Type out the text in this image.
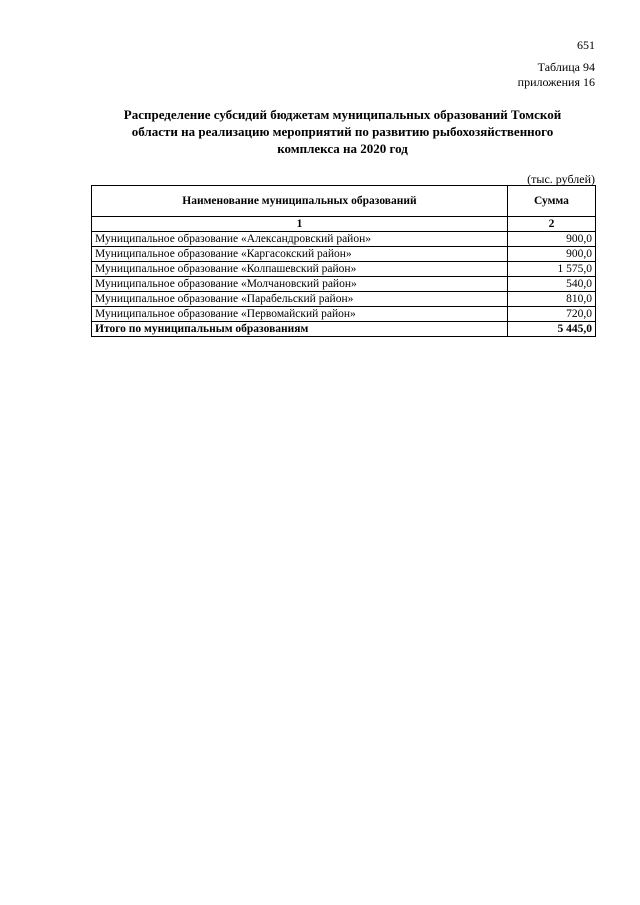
651
Таблица 94
приложения 16
Распределение субсидий бюджетам муниципальных образований Томской
области на реализацию мероприятий по развитию рыбохозяйственного
комплекса на 2020 год
(тыс. рублей)
Наименование муниципальных образований	Сумма
1	2
Муниципальное образование «Александровский район»	900,0
Муниципальное образование «Каргасокский район»	900,0
Муниципальное образование «Колпашевский район»	1 575,0
Муниципальное образование «Молчановский район»	540,0
Муниципальное образование «Парабельский район»	810,0
Муниципальное образование «Первомайский район»	720,0
Итого по муниципальным образованиям	5 445,0
